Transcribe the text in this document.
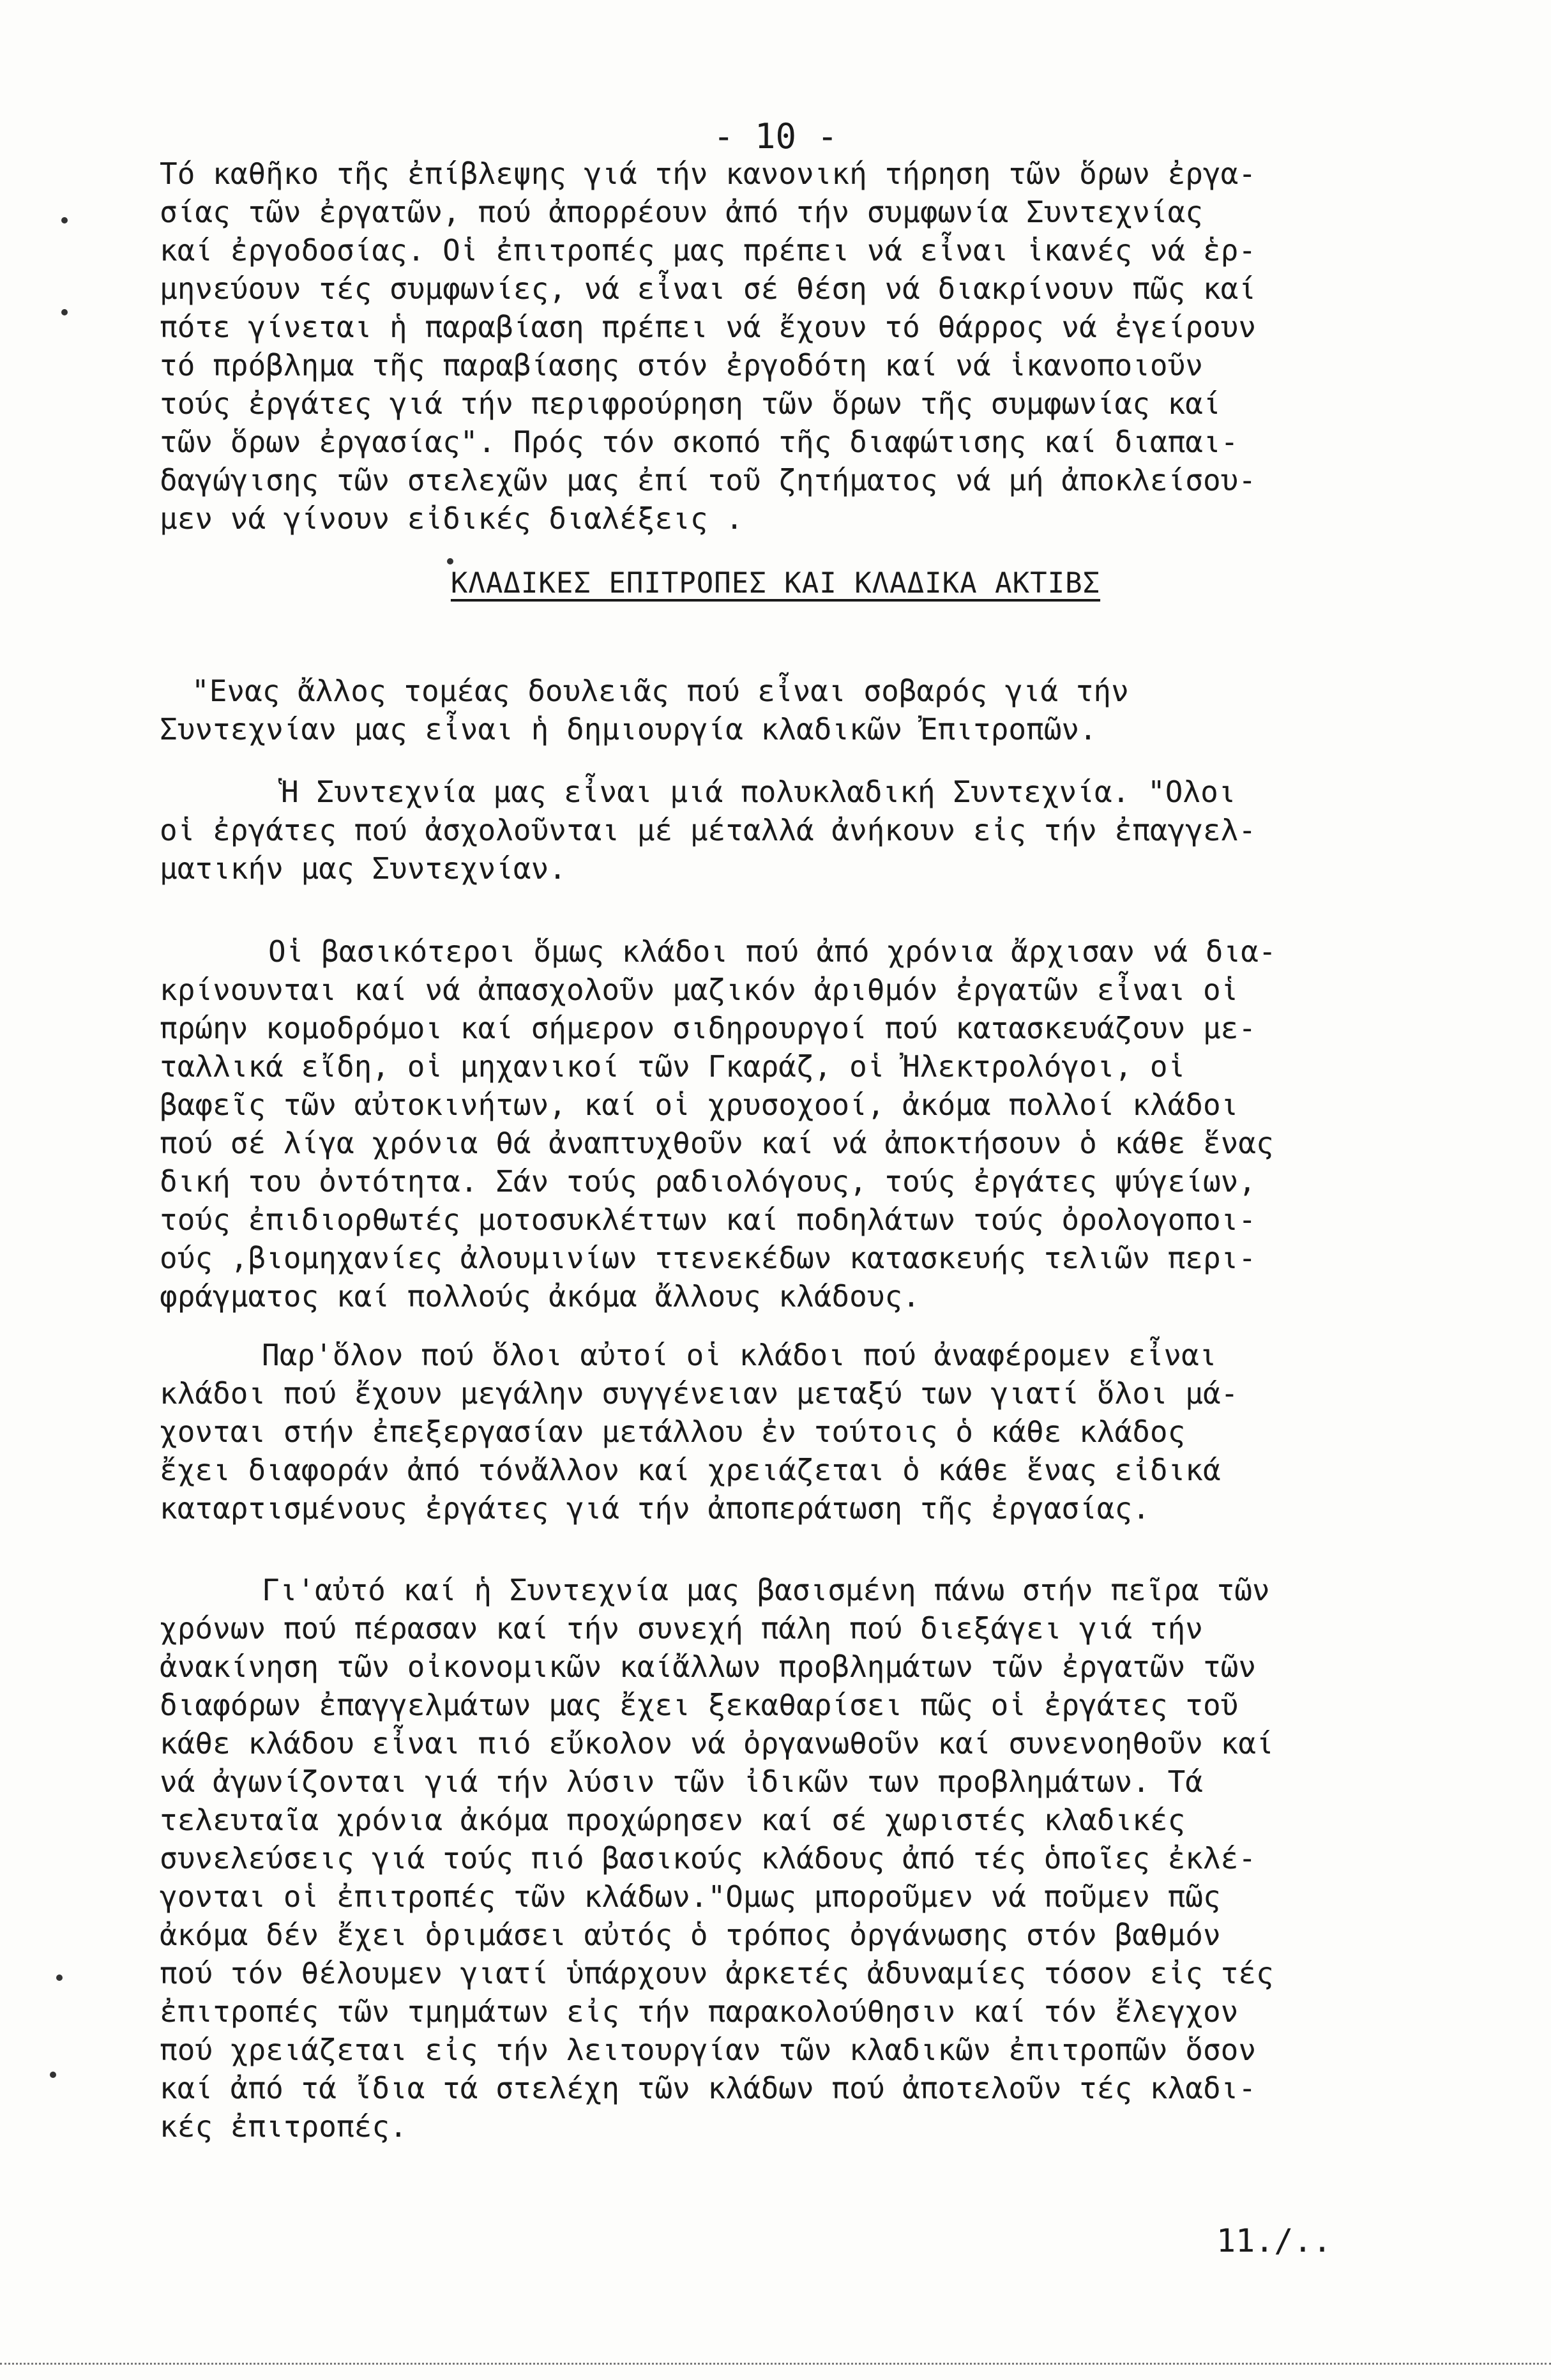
- 10 -
Τό καθῆκο τῆς ἐπίβλεψης γιά τήν κανονική τήρηση τῶν ὅρων ἐργα-
σίας τῶν ἐργατῶν, πού ἀπορρέουν ἀπό τήν συμφωνία Συντεχνίας
καί ἐργοδοσίας. Οἱ ἐπιτροπές μας πρέπει νά εἶναι ἱκανές νά ἑρ-
μηνεύουν τές συμφωνίες, νά εἶναι σέ θέση νά διακρίνουν πῶς καί
πότε γίνεται ἡ παραβίαση πρέπει νά ἔχουν τό θάρρος νά ἐγείρουν
τό πρόβλημα τῆς παραβίασης στόν ἐργοδότη καί νά ἱκανοποιοῦν
τούς ἐργάτες γιά τήν περιφρούρηση τῶν ὅρων τῆς συμφωνίας καί
τῶν ὅρων ἐργασίας". Πρός τόν σκοπό τῆς διαφώτισης καί διαπαι-
δαγώγισης τῶν στελεχῶν μας ἐπί τοῦ ζητήματος νά μή ἀποκλείσου-
μεν νά γίνουν εἰδικές διαλέξεις .
ΚΛΑΔΙΚΕΣ ΕΠΙΤΡΟΠΕΣ ΚΑΙ ΚΛΑΔΙΚΑ ΑΚΤΙΒΣ
"Ενας ἄλλος τομέας δουλειᾶς πού εἶναι σοβαρός γιά τήν
Συντεχνίαν μας εἶναι ἡ δημιουργία κλαδικῶν Ἐπιτροπῶν.
Ἡ Συντεχνία μας εἶναι μιά πολυκλαδική Συντεχνία. "Ολοι
οἱ ἐργάτες πού ἀσχολοῦνται μέ μέταλλά ἀνήκουν εἰς τήν ἐπαγγελ-
ματικήν μας Συντεχνίαν.
Οἱ βασικότεροι ὅμως κλάδοι πού ἀπό χρόνια ἄρχισαν νά δια-
κρίνουνται καί νά ἀπασχολοῦν μαζικόν ἀριθμόν ἐργατῶν εἶναι οἱ
πρώην κομοδρόμοι καί σήμερον σιδηρουργοί πού κατασκευάζουν με-
ταλλικά εἴδη, οἱ μηχανικοί τῶν Γκαράζ, οἱ Ἠλεκτρολόγοι, οἱ
βαφεῖς τῶν αὐτοκινήτων, καί οἱ χρυσοχοοί, ἀκόμα πολλοί κλάδοι
πού σέ λίγα χρόνια θά ἀναπτυχθοῦν καί νά ἀποκτήσουν ὁ κάθε ἕνας
δική του ὀντότητα. Σάν τούς ραδιολόγους, τούς ἐργάτες ψύγείων,
τούς ἐπιδιορθωτές μοτοσυκλέττων καί ποδηλάτων τούς ὀρολογοποι-
ούς ,βιομηχανίες ἀλουμινίων ττενεκέδων κατασκευής τελιῶν περι-
φράγματος καί πολλούς ἀκόμα ἄλλους κλάδους.
Παρ'ὅλον πού ὅλοι αὐτοί οἱ κλάδοι πού ἀναφέρομεν εἶναι
κλάδοι πού ἔχουν μεγάλην συγγένειαν μεταξύ των γιατί ὅλοι μά-
χονται στήν ἐπεξεργασίαν μετάλλου ἐν τούτοις ὁ κάθε κλάδος
ἔχει διαφοράν ἀπό τόνἄλλον καί χρειάζεται ὁ κάθε ἕνας εἰδικά
καταρτισμένους ἐργάτες γιά τήν ἀποπεράτωση τῆς ἐργασίας.
Γι'αὐτό καί ἡ Συντεχνία μας βασισμένη πάνω στήν πεῖρα τῶν
χρόνων πού πέρασαν καί τήν συνεχή πάλη πού διεξάγει γιά τήν
ἀνακίνηση τῶν οἰκονομικῶν καίἄλλων προβλημάτων τῶν ἐργατῶν τῶν
διαφόρων ἐπαγγελμάτων μας ἔχει ξεκαθαρίσει πῶς οἱ ἐργάτες τοῦ
κάθε κλάδου εἶναι πιό εὔκολον νά ὀργανωθοῦν καί συνενοηθοῦν καί
νά ἀγωνίζονται γιά τήν λύσιν τῶν ἰδικῶν των προβλημάτων. Τά
τελευταῖα χρόνια ἀκόμα προχώρησεν καί σέ χωριστές κλαδικές
συνελεύσεις γιά τούς πιό βασικούς κλάδους ἀπό τές ὁποῖες ἐκλέ-
γονται οἱ ἐπιτροπές τῶν κλάδων."Ομως μποροῦμεν νά ποῦμεν πῶς
ἀκόμα δέν ἔχει ὁριμάσει αὐτός ὁ τρόπος ὀργάνωσης στόν βαθμόν
πού τόν θέλουμεν γιατί ὑπάρχουν ἀρκετές ἀδυναμίες τόσον εἰς τές
ἐπιτροπές τῶν τμημάτων εἰς τήν παρακολούθησιν καί τόν ἔλεγχον
πού χρειάζεται εἰς τήν λειτουργίαν τῶν κλαδικῶν ἐπιτροπῶν ὅσον
καί ἀπό τά ἴδια τά στελέχη τῶν κλάδων πού ἀποτελοῦν τές κλαδι-
κές ἐπιτροπές.
11./..
